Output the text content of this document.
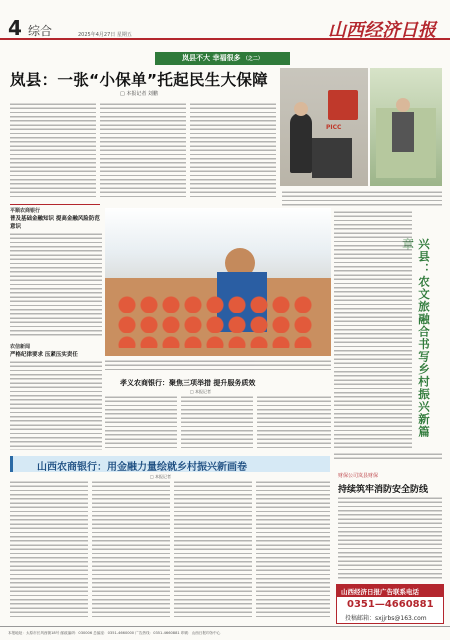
4 综合	2025年4月27日 星期五	山西经济日报
岚县不大 幸福很多 （之二）
岚县：一张“小保单”托起民生大保障
□ 本报记者 刘鹏
PICC
平顺农商银行
普及基础金融知识 提高金融风险防范意识
农信新闻
严格纪律要求 压紧压实责任
兴县：农文旅融合书写乡村振兴新篇
孝义农商银行：聚焦三项举措 提升服务质效
□ 本报记者
山西农商银行：用金融力量绘就乡村振兴新画卷
□ 本报记者	财保公司岚县财保
持续筑牢消防安全防线
山西经济日报广告联系电话
0351—4660881
投稿邮箱：sxjjrbs@163.com
本报地址：太原市长风西街18号 邮政编码：030006 总编室：0351-4660000 广告热线：0351-4660881 印刷：山西日报印务中心
